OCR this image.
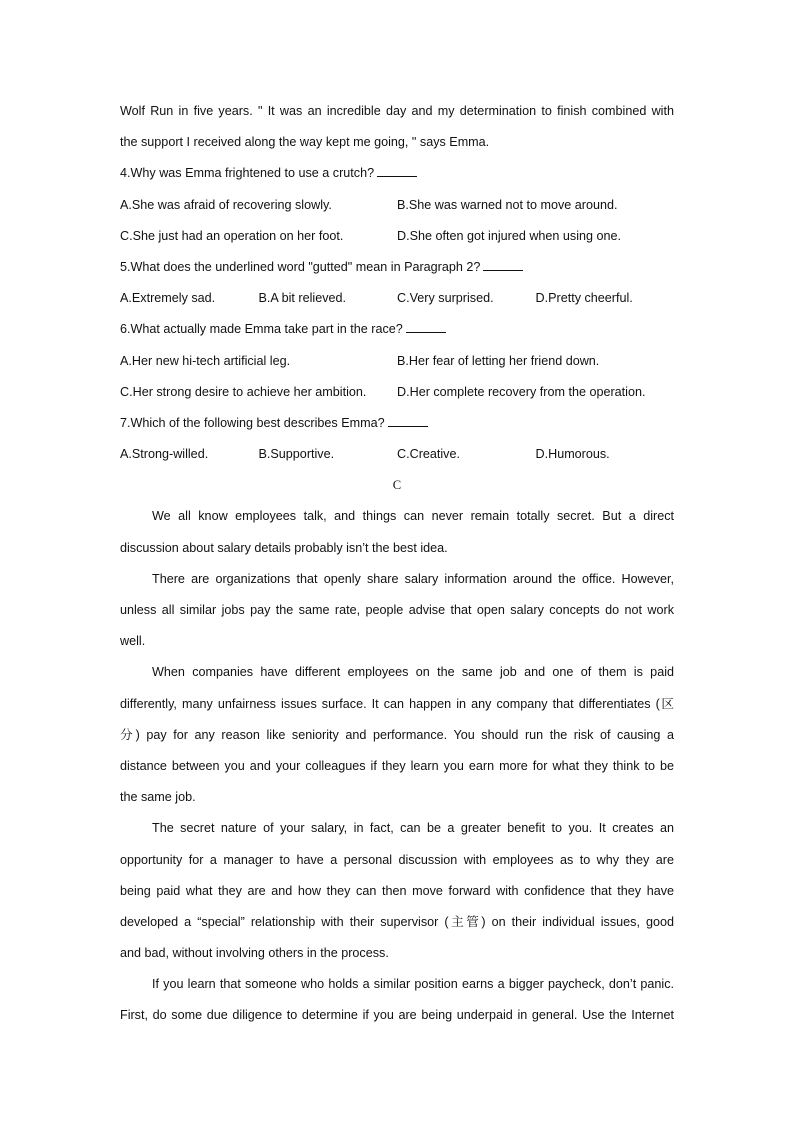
Wolf Run in five years. " It was an incredible day and my determination to finish combined with
the support I received along the way kept me going, " says Emma.
4.Why was Emma frightened to use a crutch?
A.She was afraid of recovering slowly.	B.She was warned not to move around.
C.She just had an operation on her foot.	D.She often got injured when using one.
5.What does the underlined word "gutted" mean in Paragraph 2?
A.Extremely sad.	B.A bit relieved.	C.Very surprised.	D.Pretty cheerful.
6.What actually made Emma take part in the race?
A.Her new hi-tech artificial leg.	B.Her fear of letting her friend down.
C.Her strong desire to achieve her ambition.	D.Her complete recovery from the operation.
7.Which of the following best describes Emma?
A.Strong-willed.	B.Supportive.	C.Creative.	D.Humorous.
C
We all know employees talk, and things can never remain totally secret. But a direct
discussion about salary details probably isn’t the best idea.
There are organizations that openly share salary information around the office. However,
unless all similar jobs pay the same rate, people advise that open salary concepts do not work
well.
When companies have different employees on the same job and one of them is paid
differently, many unfairness issues surface. It can happen in any company that differentiates (区
分) pay for any reason like seniority and performance. You should run the risk of causing a
distance between you and your colleagues if they learn you earn more for what they think to be
the same job.
The secret nature of your salary, in fact, can be a greater benefit to you. It creates an
opportunity for a manager to have a personal discussion with employees as to why they are
being paid what they are and how they can then move forward with confidence that they have
developed a “special” relationship with their supervisor (主管) on their individual issues, good
and bad, without involving others in the process.
If you learn that someone who holds a similar position earns a bigger paycheck, don’t panic.
First, do some due diligence to determine if you are being underpaid in general. Use the Internet
